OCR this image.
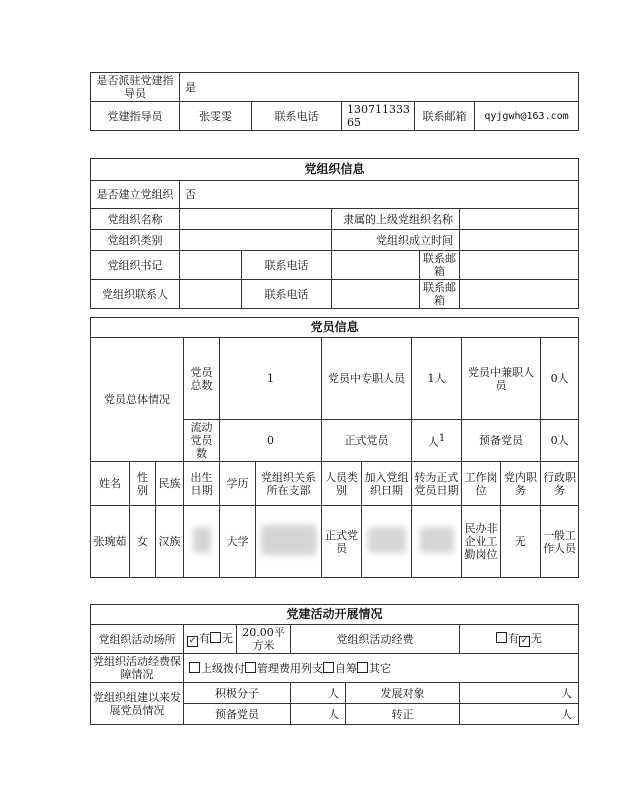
是否派驻党建指导员	是				
党建指导员	张雯雯	联系电话	13071133365	联系邮箱	qyjgwh@163.com
党组织信息					
是否建立党组织	否				
党组织名称			隶属的上级党组织名称		
党组织类别			党组织成立时间		
党组织书记		联系电话		联系邮箱	
党组织联系人		联系电话		联系邮箱	
党员信息											
党员总体情况			党员总数	1		党员中专职人员		1人	党员中兼职人员		0人
			流动党员数	0		正式党员		人$^1$	预备党员		0人
姓名	性别	民族	出生日期	学历	党组织关系所在支部	人员类别	加入党组织日期	转为正式党员日期	工作岗位	党内职务	行政职务
张琬茹	女	汉族		大学		正式党员			民办非企业工勤岗位	无	一般工作人员
党建活动开展情况					
党组织活动场所	✓ 有 无	20.00平方米	党组织活动经费		有 ✓ 无
党组织活动经费保障情况	上级拨付 管理费用列支 自筹 其它				
党组织组建以来发展党员情况	积极分子		人	发展对象	人
	预备党员		人	转正	人
